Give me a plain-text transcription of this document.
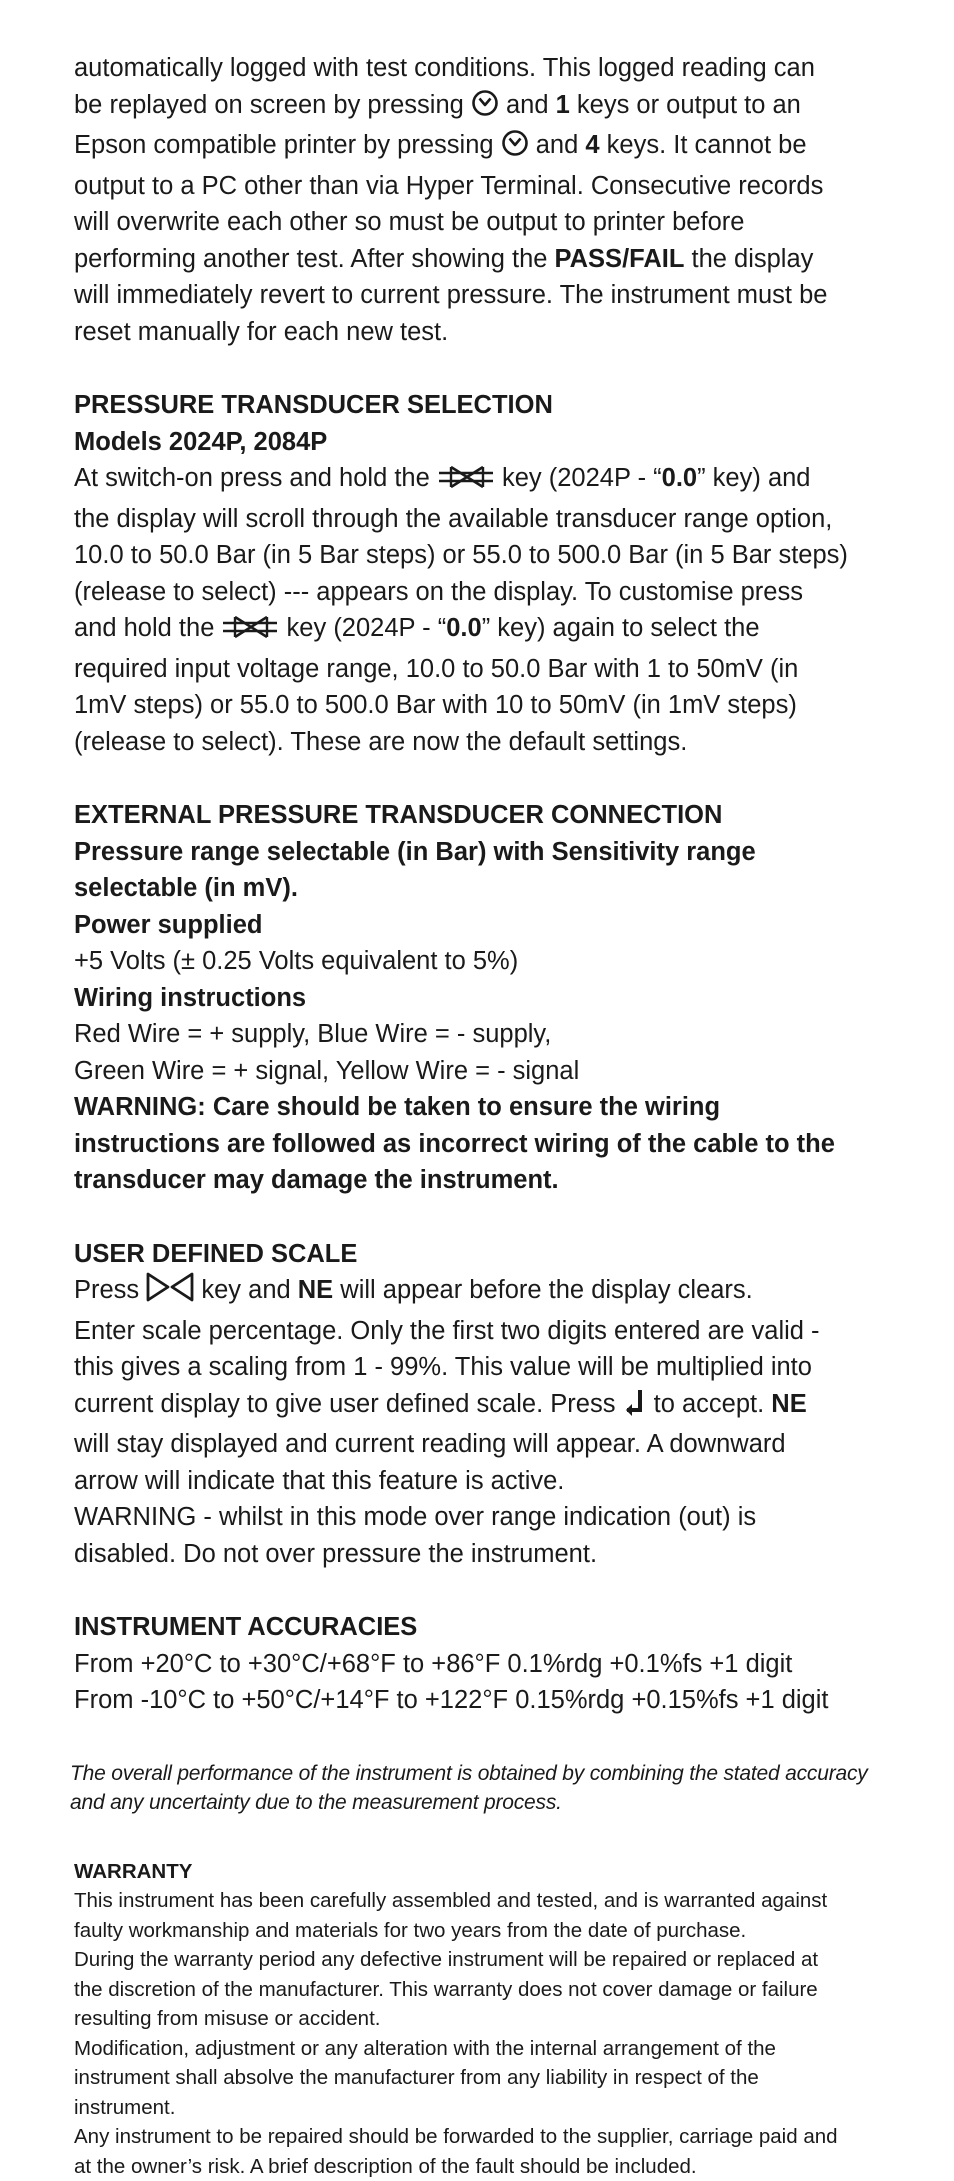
automatically logged with test conditions. This logged reading can

be replayed on screen by pressing  and 1 keys or output to an

Epson compatible printer by pressing  and 4 keys. It cannot be

output to a PC other than via Hyper Terminal. Consecutive records

will overwrite each other so must be output to printer before

performing another test. After showing the PASS/FAIL the display

will immediately revert to current pressure. The instrument must be

reset manually for each new test.

PRESSURE TRANSDUCER SELECTION

Models 2024P, 2084P

At switch-on press and hold the  key (2024P - “0.0” key) and

the display will scroll through the available transducer range option,

10.0 to 50.0 Bar (in 5 Bar steps) or 55.0 to 500.0 Bar (in 5 Bar steps)

(release to select) --- appears on the display. To customise press

and hold the  key (2024P - “0.0” key) again to select the

required input voltage range, 10.0 to 50.0 Bar with 1 to 50mV (in

1mV steps) or 55.0 to 500.0 Bar with 10 to 50mV (in 1mV steps)

(release to select). These are now the default settings.

EXTERNAL PRESSURE TRANSDUCER CONNECTION

Pressure range selectable (in Bar) with Sensitivity range

selectable (in mV).

Power supplied

+5 Volts (± 0.25 Volts equivalent to 5%)

Wiring instructions

Red Wire = + supply, Blue Wire = - supply,

Green Wire = + signal, Yellow Wire = - signal

WARNING: Care should be taken to ensure the wiring

instructions are followed as incorrect wiring of the cable to the

transducer may damage the instrument.

USER DEFINED SCALE

Press  key and NE will appear before the display clears.

Enter scale percentage. Only the first two digits entered are valid -

this gives a scaling from 1 - 99%. This value will be multiplied into

current display to give user defined scale. Press  to accept. NE

will stay displayed and current reading will appear. A downward

arrow will indicate that this feature is active.

WARNING - whilst in this mode over range indication (out) is

disabled. Do not over pressure the instrument.

INSTRUMENT ACCURACIES

From +20°C to +30°C/+68°F to +86°F 0.1%rdg +0.1%fs +1 digit

From -10°C to +50°C/+14°F to +122°F 0.15%rdg +0.15%fs +1 digit

The overall performance of the instrument is obtained by combining the stated accuracy

and any uncertainty due to the measurement process.

WARRANTY

This instrument has been carefully assembled and tested, and is warranted against

faulty workmanship and materials for two years from the date of purchase.

During the warranty period any defective instrument will be repaired or replaced at

the discretion of the manufacturer. This warranty does not cover damage or failure

resulting from misuse or accident.

Modification, adjustment or any alteration with the internal arrangement of the

instrument shall absolve the manufacturer from any liability in respect of the

instrument.

Any instrument to be repaired should be forwarded to the supplier, carriage paid and

at the owner’s risk. A brief description of the fault should be included.
